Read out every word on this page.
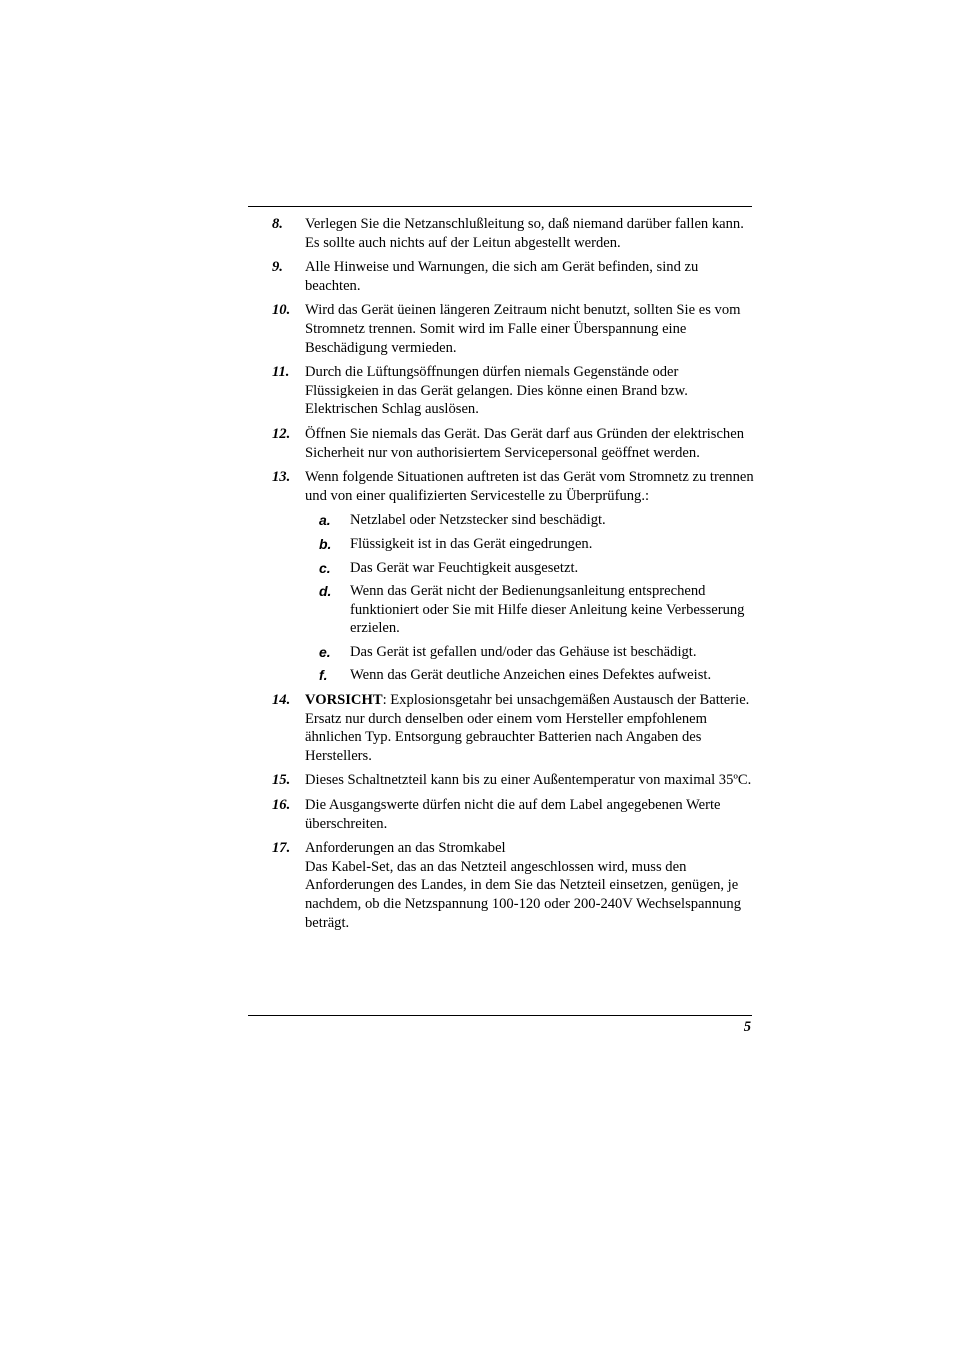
8. Verlegen Sie die Netzanschlußleitung so, daß niemand darüber fallen kann. Es sollte auch nichts auf der Leitun abgestellt werden.

9. Alle Hinweise und Warnungen, die sich am Gerät befinden, sind zu beachten.

10. Wird das Gerät üeinen längeren Zeitraum nicht benutzt, sollten Sie es vom Stromnetz trennen. Somit wird im Falle einer Überspannung eine Beschädigung vermieden.

11. Durch die Lüftungsöffnungen dürfen niemals Gegenstände oder Flüssigkeien in das Gerät gelangen. Dies könne einen Brand bzw. Elektrischen Schlag auslösen.

12. Öffnen Sie niemals das Gerät. Das Gerät darf aus Gründen der elektrischen Sicherheit nur von authorisiertem Servicepersonal geöffnet werden.

13. Wenn folgende Situationen auftreten ist das Gerät vom Stromnetz zu trennen und von einer qualifizierten Servicestelle zu Überprüfung.:

a. Netzlabel oder Netzstecker sind beschädigt.
b. Flüssigkeit ist in das Gerät eingedrungen.
c. Das Gerät war Feuchtigkeit ausgesetzt.
d. Wenn das Gerät nicht der Bedienungsanleitung entsprechend funktioniert oder Sie mit Hilfe dieser Anleitung keine Verbesserung erzielen.
e. Das Gerät ist gefallen und/oder das Gehäuse ist beschädigt.
f. Wenn das Gerät deutliche Anzeichen eines Defektes aufweist.
14. VORSICHT: Explosionsgetahr bei unsachgemäßen Austausch der Batterie. Ersatz nur durch denselben oder einem vom Hersteller empfohlenem ähnlichen Typ. Entsorgung gebrauchter Batterien nach Angaben des Herstellers.

15. Dieses Schaltnetzteil kann bis zu einer Außentemperatur von maximal 35ºC.

16. Die Ausgangswerte dürfen nicht die auf dem Label angegebenen Werte überschreiten.

17. Anforderungen an das Stromkabel

Das Kabel-Set, das an das Netzteil angeschlossen wird, muss den Anforderungen des Landes, in dem Sie das Netzteil einsetzen, genügen, je nachdem, ob die Netzspannung 100-120 oder 200-240V Wechselspannung beträgt.

5
